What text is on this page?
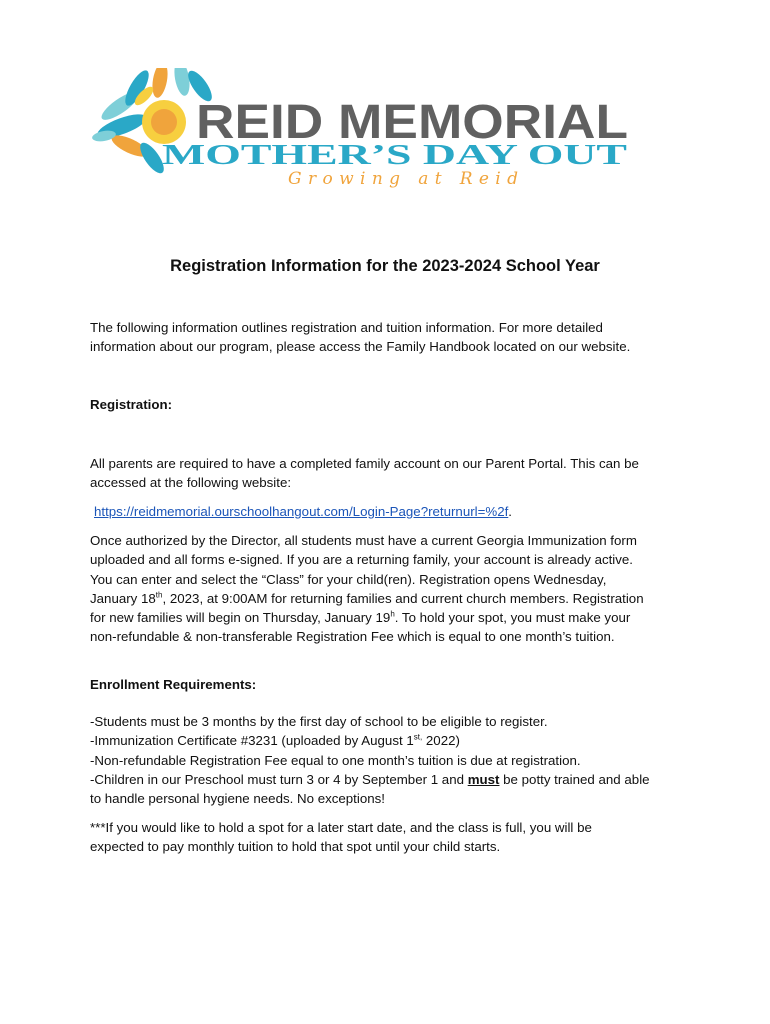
REID MEMORIAL
MOTHER’S DAY OUT
Growing at Reid
Registration Information for the 2023-2024 School Year
The following information outlines registration and tuition information. For more detailed
information about our program, please access the Family Handbook located on our website.
Registration:
All parents are required to have a completed family account on our Parent Portal. This can be
accessed at the following website:
https://reidmemorial.ourschoolhangout.com/Login-Page?returnurl=%2f.
Once authorized by the Director, all students must have a current Georgia Immunization form
uploaded and all forms e-signed. If you are a returning family, your account is already active.
You can enter and select the “Class” for your child(ren). Registration opens Wednesday,
January 18th, 2023, at 9:00AM for returning families and current church members. Registration
for new families will begin on Thursday, January 19$^h$. To hold your spot, you must make your
non-refundable & non-transferable Registration Fee which is equal to one month’s tuition.
Enrollment Requirements:
-Students must be 3 months by the first day of school to be eligible to register.
-Immunization Certificate #3231 (uploaded by August $1^{st,}$ 2022)
-Non-refundable Registration Fee equal to one month’s tuition is due at registration.
-Children in our Preschool must turn 3 or 4 by September 1 and must be potty trained and able
to handle personal hygiene needs. No exceptions!
***If you would like to hold a spot for a later start date, and the class is full, you will be
expected to pay monthly tuition to hold that spot until your child starts.
